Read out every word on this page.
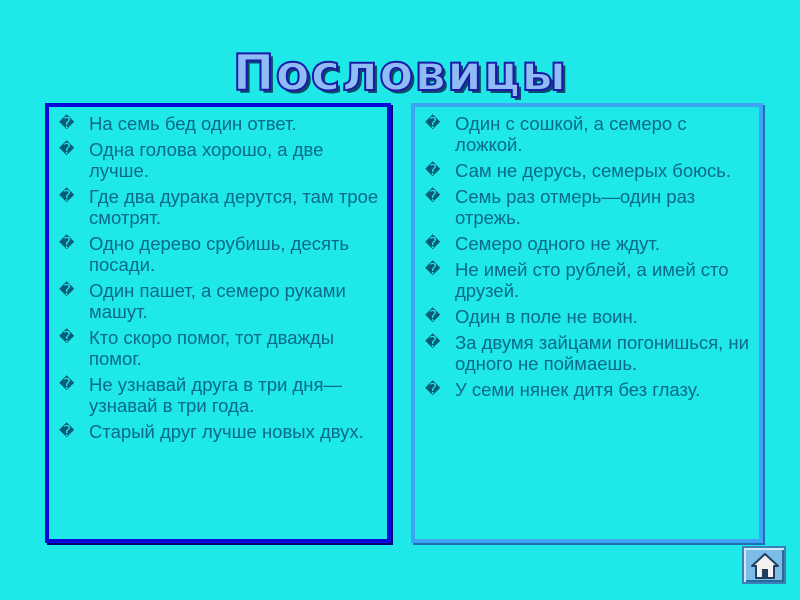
Пословицы
� На семь бед один ответ.
� Одна голова хорошо, а две лучше.
� Где два дурака дерутся, там трое смотрят.
� Одно дерево срубишь, десять посади.
� Один пашет, а семеро руками машут.
� Кто скоро помог, тот дважды помог.
� Не узнавай друга в три дня—узнавай в три года.
� Старый друг лучше новых двух.
� Один с сошкой, а семеро с ложкой.
� Сам не дерусь, семерых боюсь.
� Семь раз отмерь—один раз отрежь.
� Семеро одного не ждут.
� Не имей сто рублей, а имей сто друзей.
� Один в поле не воин.
� За двумя зайцами погонишься, ни одного не поймаешь.
� У семи нянек дитя без глазу.
